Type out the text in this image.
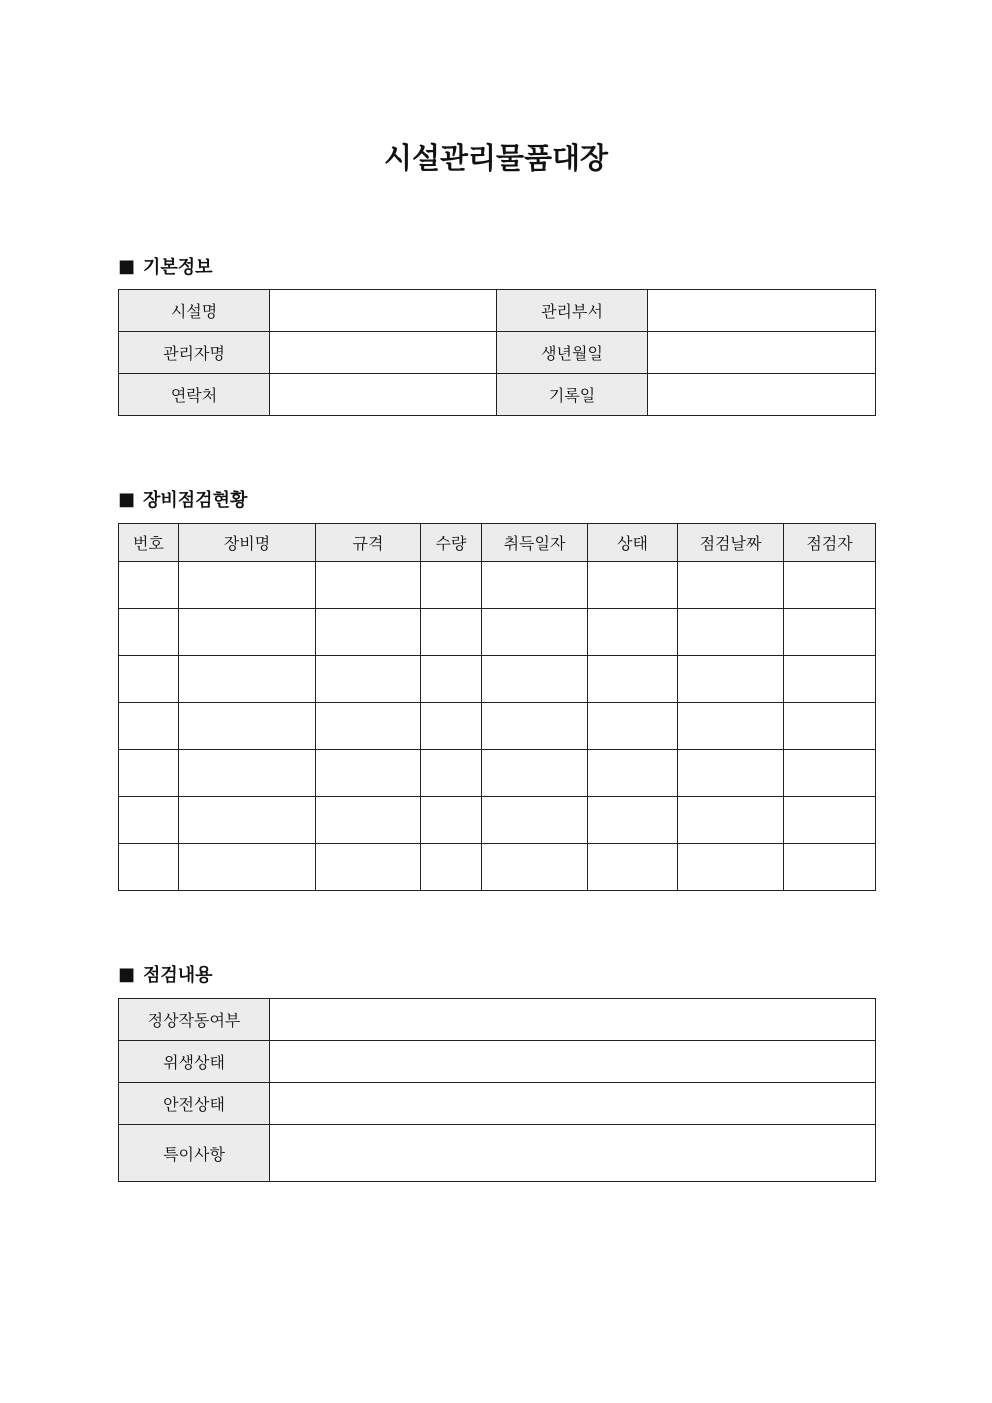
시설관리물품대장
■ 기본정보
시설명		관리부서	
관리자명		생년월일	
연락처		기록일	
■ 장비점검현황
번호	장비명	규격	수량	취득일자	상태	점검날짜	점검자

■ 점검내용
정상작동여부	
위생상태	
안전상태	
특이사항	
